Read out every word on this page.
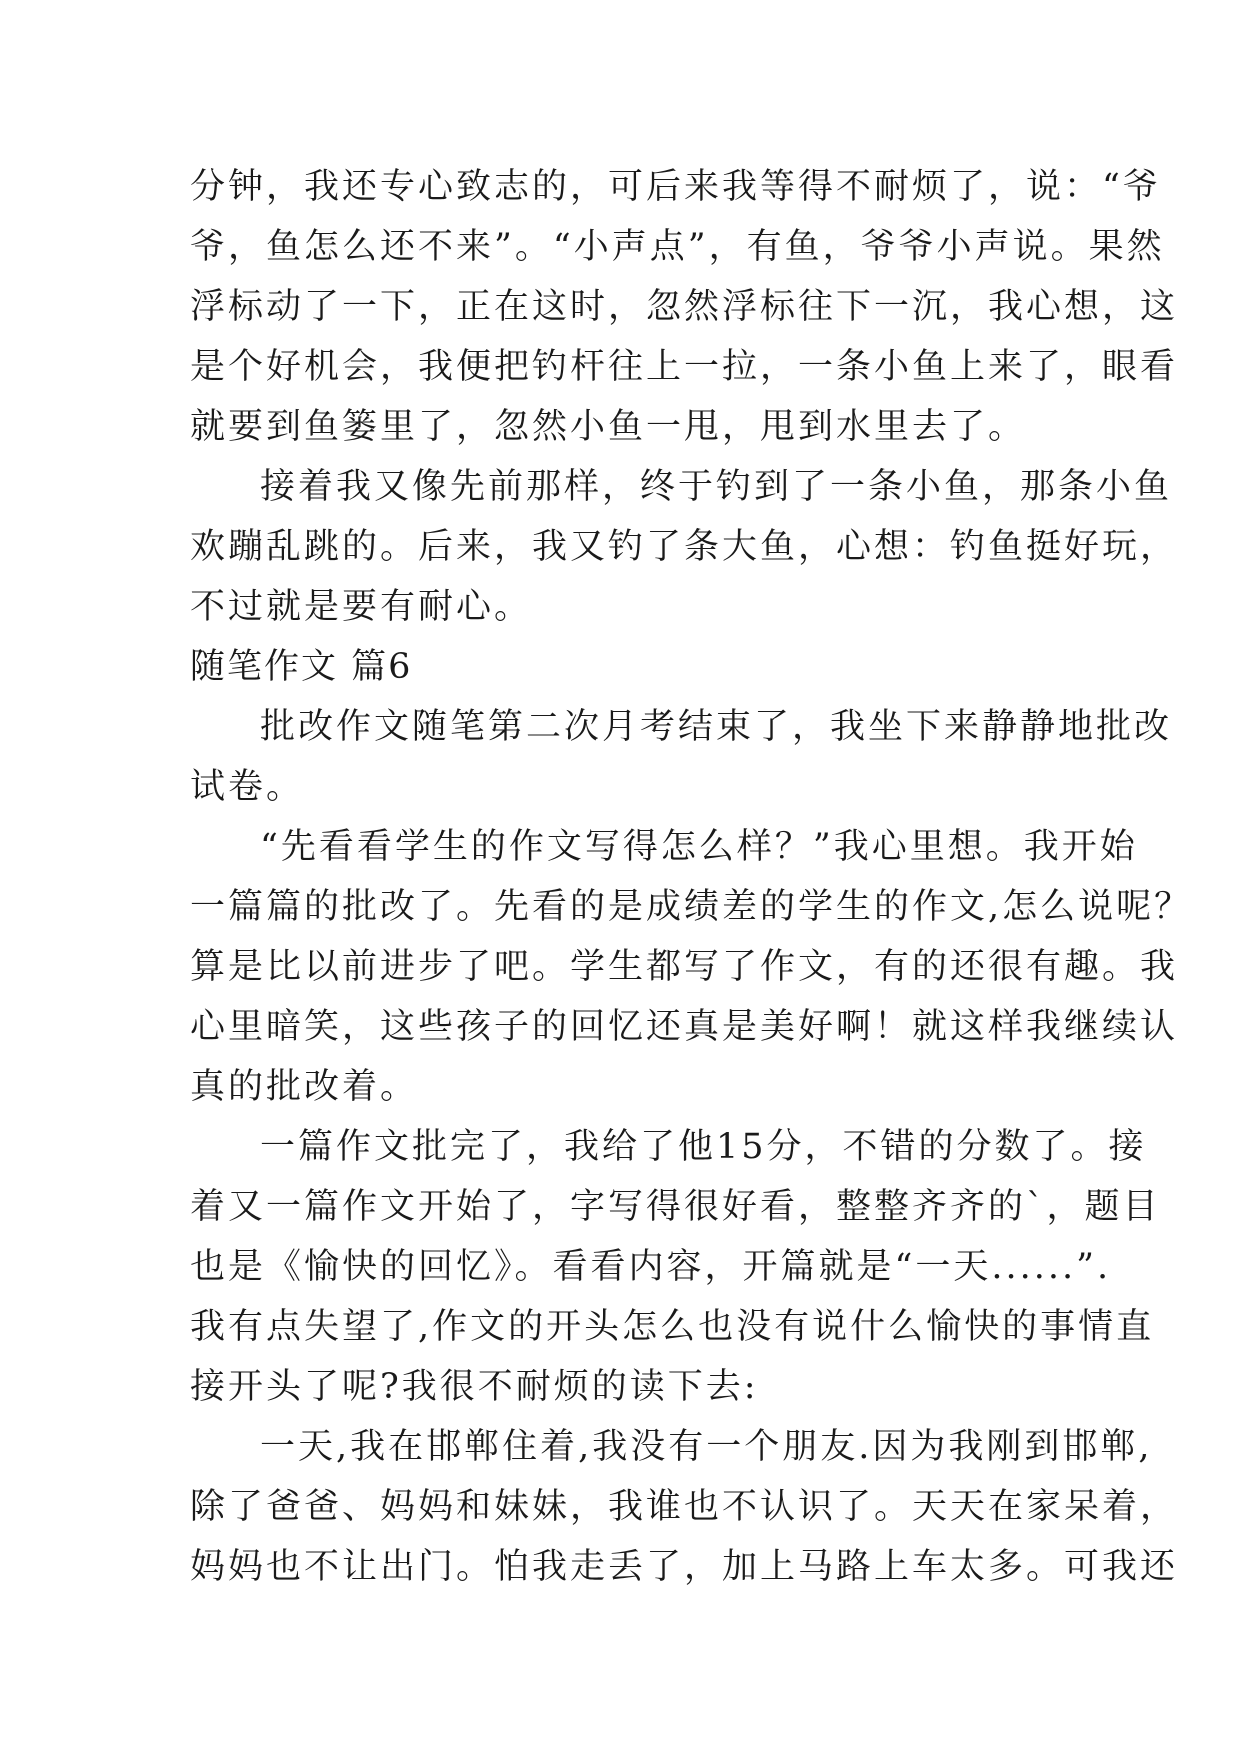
分钟，我还专心致志的，可后来我等得不耐烦了，说：“爷
爷，鱼怎么还不来”。“小声点”，有鱼，爷爷小声说。果然
浮标动了一下，正在这时，忽然浮标往下一沉，我心想，这
是个好机会，我便把钓杆往上一拉，一条小鱼上来了，眼看
就要到鱼篓里了，忽然小鱼一甩，甩到水里去了。
接着我又像先前那样，终于钓到了一条小鱼，那条小鱼
欢蹦乱跳的。后来，我又钓了条大鱼，心想：钓鱼挺好玩，
不过就是要有耐心。
随笔作文 篇6
批改作文随笔第二次月考结束了，我坐下来静静地批改
试卷。
“先看看学生的作文写得怎么样？”我心里想。我开始
一篇篇的批改了。先看的是成绩差的学生的作文,怎么说呢？
算是比以前进步了吧。学生都写了作文，有的还很有趣。我
心里暗笑，这些孩子的回忆还真是美好啊！就这样我继续认
真的批改着。
一篇作文批完了，我给了他15分，不错的分数了。接
着又一篇作文开始了，字写得很好看，整整齐齐的`，题目
也是《愉快的回忆》。看看内容，开篇就是“一天......”.
我有点失望了,作文的开头怎么也没有说什么愉快的事情直
接开头了呢?我很不耐烦的读下去:
一天,我在邯郸住着,我没有一个朋友.因为我刚到邯郸,
除了爸爸、妈妈和妹妹，我谁也不认识了。天天在家呆着，
妈妈也不让出门。怕我走丢了，加上马路上车太多。可我还
